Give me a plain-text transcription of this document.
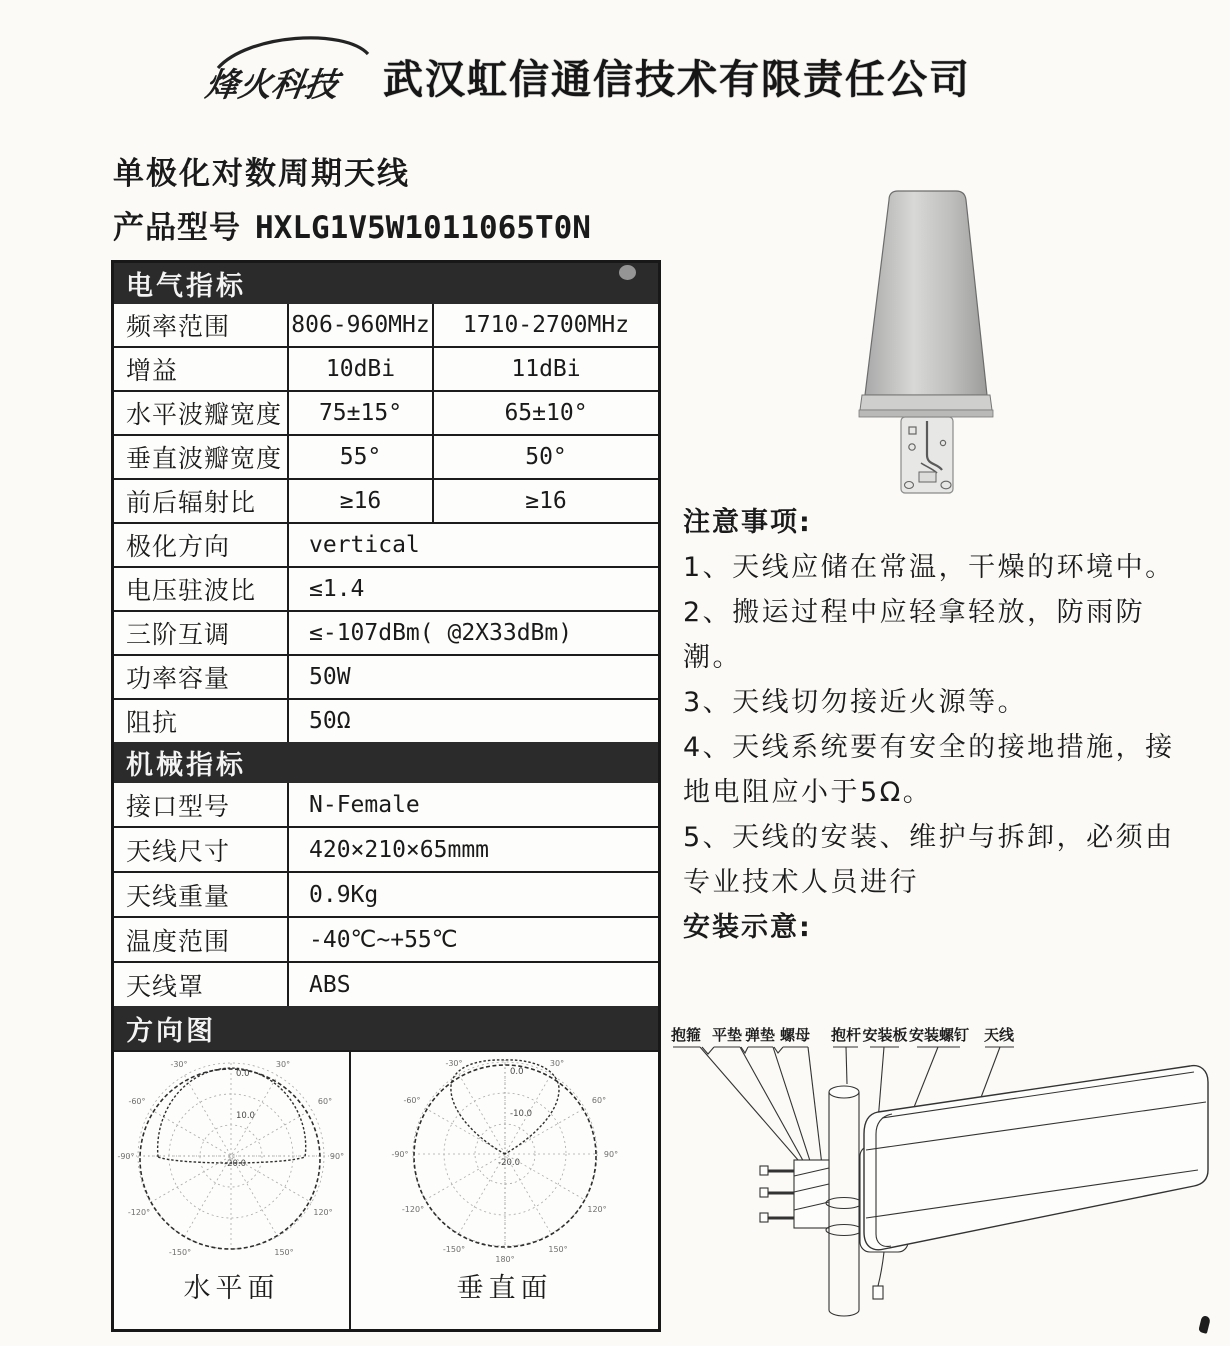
烽火科技 武汉虹信通信技术有限责任公司
单极化对数周期天线
产品型号 HXLG1V5W1011065T0N
电气指标
频率范围	806-960MHz	1710-2700MHz
增益	10dBi	11dBi
水平波瓣宽度	75±15°	65±10°
垂直波瓣宽度	55°	50°
前后辐射比	≥16	≥16
极化方向	vertical
电压驻波比	≤1.4
三阶互调	≤-107dBm( @2X33dBm)
功率容量	50W
阻抗	50Ω
机械指标
接口型号	N-Female
天线尺寸	420×210×65mmm
天线重量	0.9Kg
温度范围	-40℃~+55℃
天线罩	ABS
方向图
-30°	30°
-60°	60°
-90°	90°
-120°	120°
-150°	150°
0.0
10.0
-20.0
水平面
-30°	30°
-60°	60°
-90°	90°
-120°	120°
-150°	150°
180°
0.0
-10.0
-20.0
垂直面
注意事项:
1、天线应储在常温，干燥的环境中。
2、搬运过程中应轻拿轻放，防雨防潮。
3、天线切勿接近火源等。
4、天线系统要有安全的接地措施，接地电阻应小于5Ω。
5、天线的安装、维护与拆卸，必须由专业技术人员进行
安装示意:
抱箍 平垫 弹垫 螺母 抱杆 安装板 安装螺钉 天线
